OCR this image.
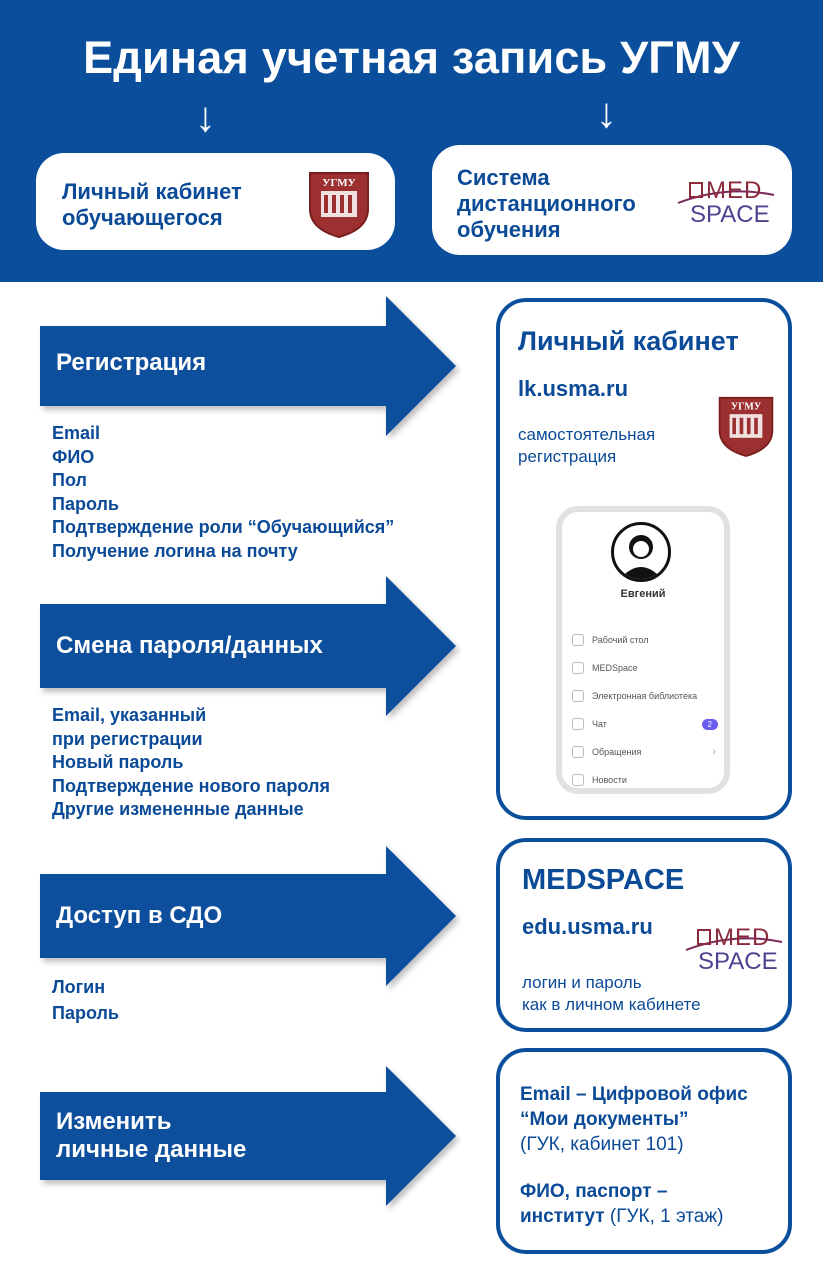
Единая учетная запись УГМУ
↓	↓
Личный кабинет
обучающегося
УГМУ	Система
дистанционного
обучения
MED
SPACE
Регистрация
Смена пароля/данных
Доступ в СДО
Изменить
личные данные
Email
ФИО
Пол
Пароль
Подтверждение роли “Обучающийся”
Получение логина на почту
Email, указанный
при регистрации
Новый пароль
Подтверждение нового пароля
Другие измененные данные
Логин
Пароль
Личный кабинет
lk.usma.ru
самостоятельная
регистрация
УГМУ
Евгений
Рабочий стол
MEDSpace
Электронная библиотека
Чат	2
Обращения	›
Новости
MEDSPACE
edu.usma.ru	MED
SPACE
логин и пароль
как в личном кабинете
Email – Цифровой офис
“Мои документы”
(ГУК, кабинет 101)
ФИО, паспорт –
институт (ГУК, 1 этаж)
